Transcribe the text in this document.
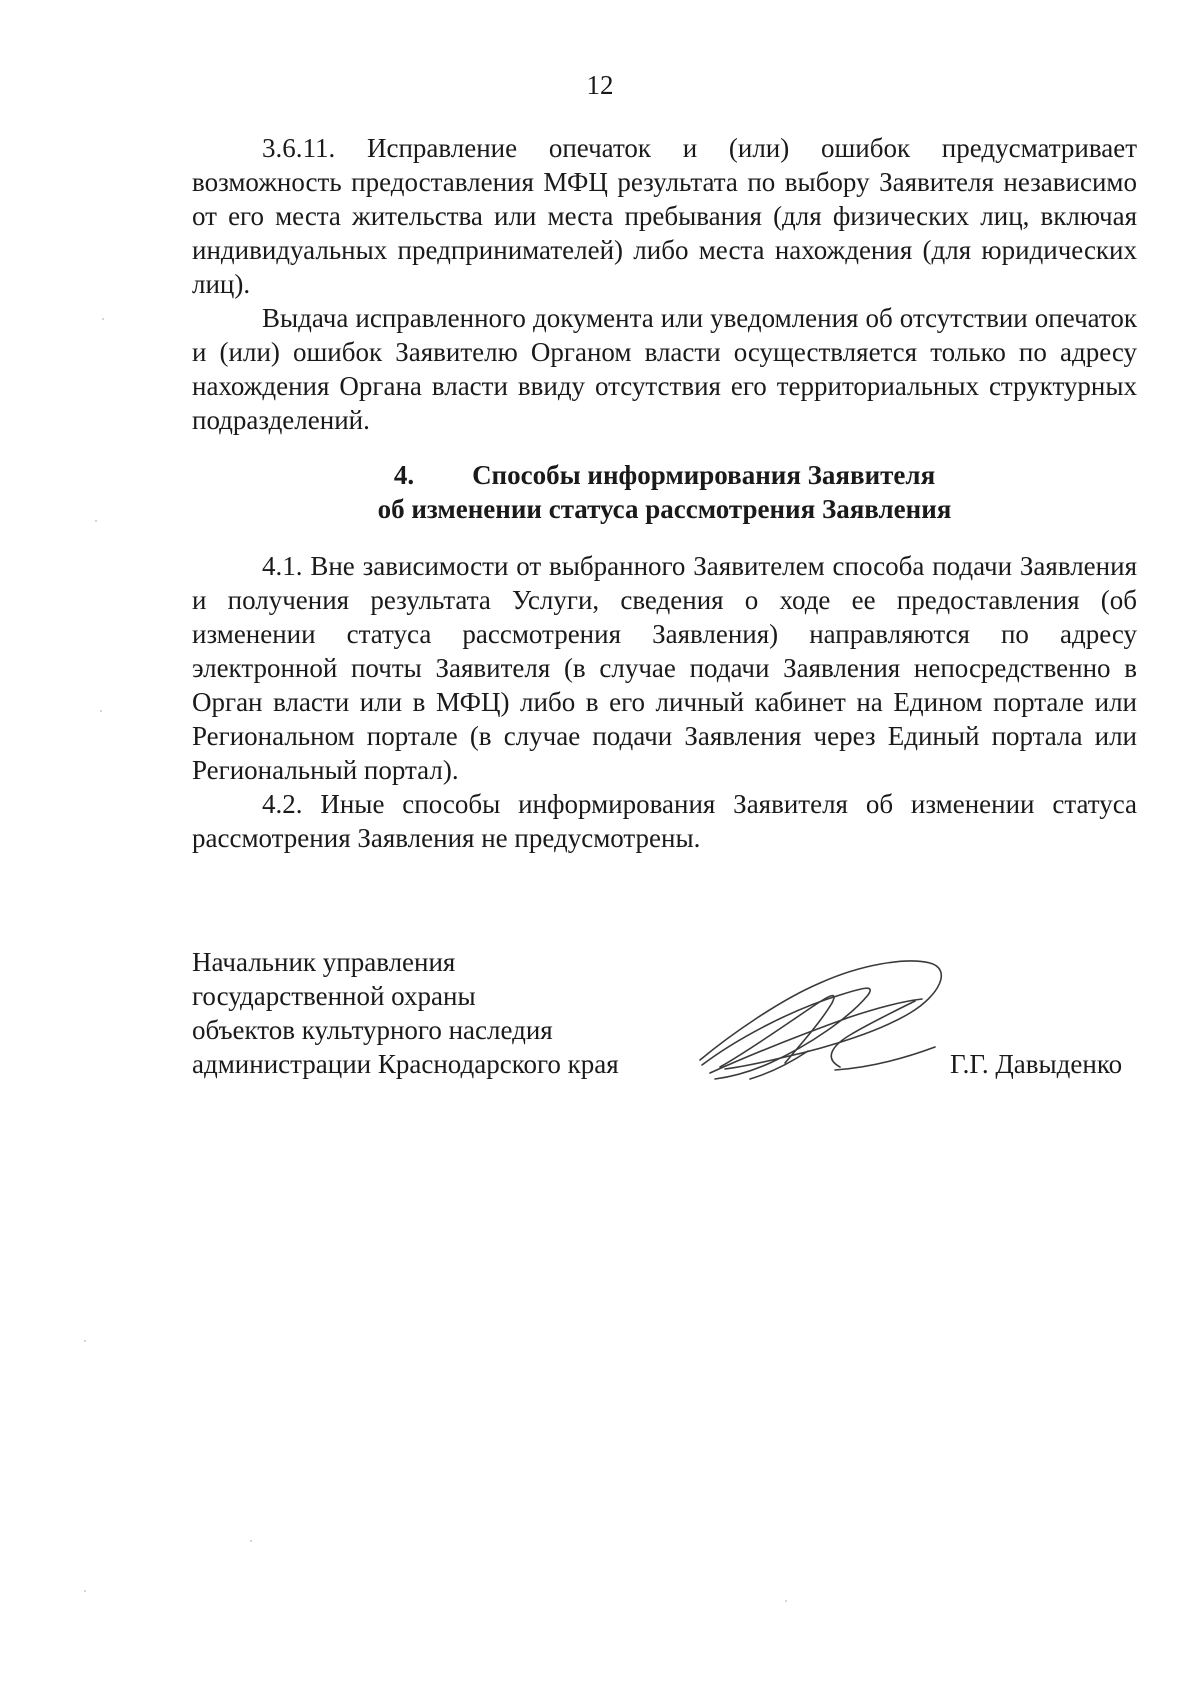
12

3.6.11. Исправление опечаток и (или) ошибок предусматривает возможность предоставления МФЦ результата по выбору Заявителя независимо от его места жительства или места пребывания (для физических лиц, включая индивидуальных предпринимателей) либо места нахождения (для юридических лиц).

Выдача исправленного документа или уведомления об отсутствии опечаток и (или) ошибок Заявителю Органом власти осуществляется только по адресу нахождения Органа власти ввиду отсутствия его территориальных структурных подразделений.

4. Способы информирования Заявителя
об изменении статуса рассмотрения Заявления

4.1. Вне зависимости от выбранного Заявителем способа подачи Заявления и получения результата Услуги, сведения о ходе ее предоставления (об изменении статуса рассмотрения Заявления) направляются по адресу электронной почты Заявителя (в случае подачи Заявления непосредственно в Орган власти или в МФЦ) либо в его личный кабинет на Едином портале или Региональном портале (в случае подачи Заявления через Единый портала или Региональный портал).

4.2. Иные способы информирования Заявителя об изменении статуса рассмотрения Заявления не предусмотрены.

Начальник управления
государственной охраны
объектов культурного наследия
администрации Краснодарского края	Г.Г. Давыденко
